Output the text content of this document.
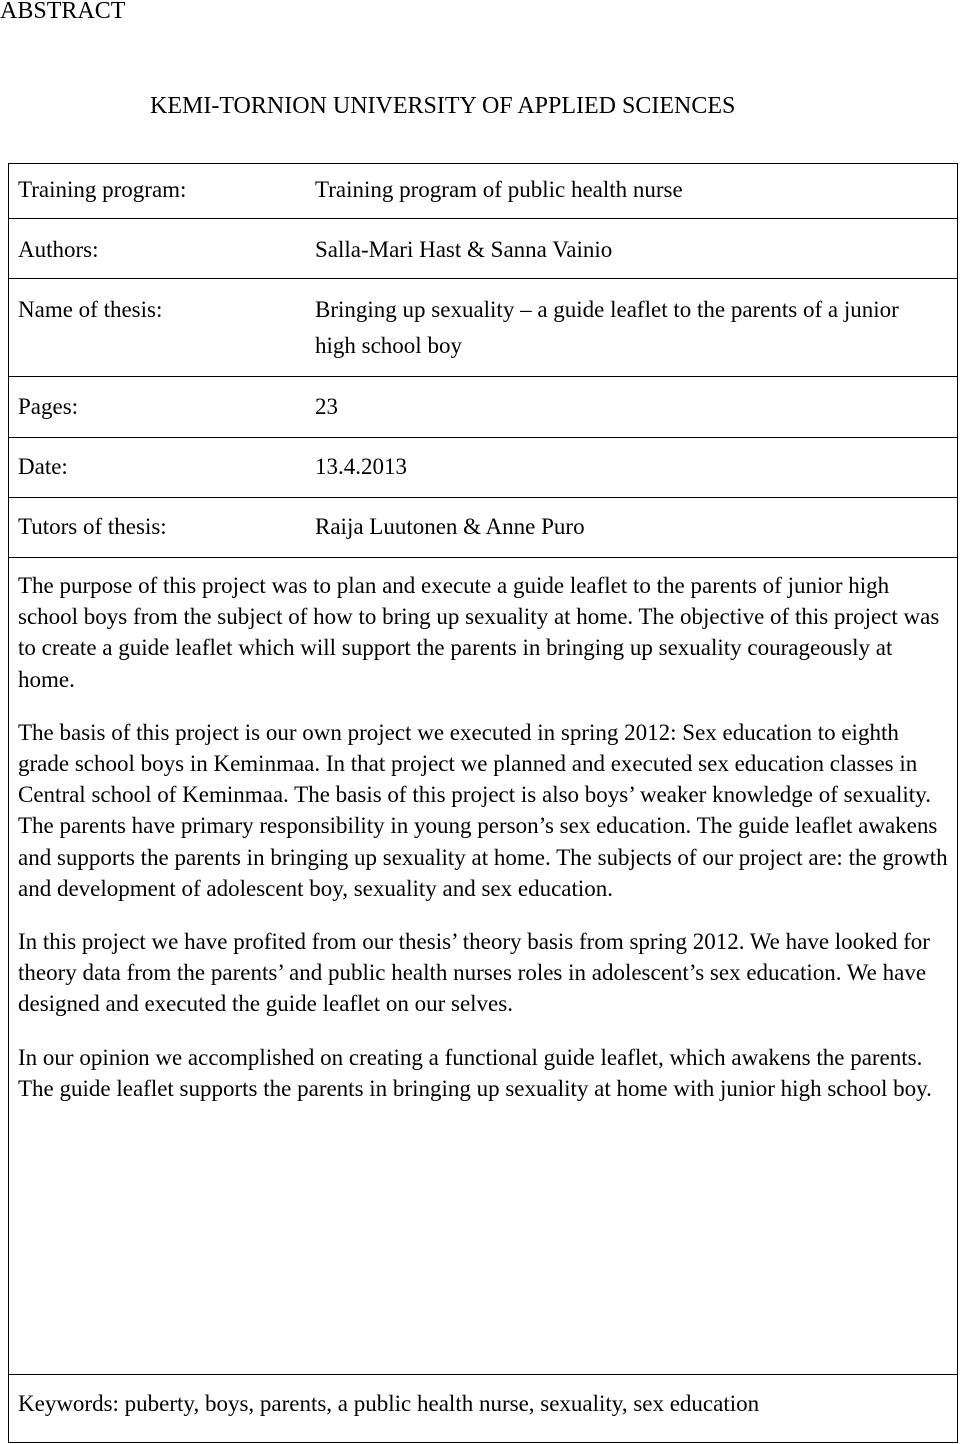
ABSTRACT
KEMI-TORNION UNIVERSITY OF APPLIED SCIENCES
Training program:	Training program of public health nurse
Authors:	Salla-Mari Hast & Sanna Vainio
Name of thesis:	Bringing up sexuality – a guide leaflet to the parents of a junior high school boy
Pages:	23
Date:	13.4.2013
Tutors of thesis:	Raija Luutonen & Anne Puro

The purpose of this project was to plan and execute a guide leaflet to the parents of junior high school boys from the subject of how to bring up sexuality at home. The objective of this project was to create a guide leaflet which will support the parents in bringing up sexuality courageously at home.

The basis of this project is our own project we executed in spring 2012: Sex education to eighth grade school boys in Keminmaa. In that project we planned and executed sex education classes in Central school of Keminmaa. The basis of this project is also boys’ weaker knowledge of sexuality. The parents have primary responsibility in young person’s sex education. The guide leaflet awakens and supports the parents in bringing up sexuality at home. The subjects of our project are: the growth and development of adolescent boy, sexuality and sex education.

In this project we have profited from our thesis’ theory basis from spring 2012. We have looked for theory data from the parents’ and public health nurses roles in adolescent’s sex education. We have designed and executed the guide leaflet on our selves.

In our opinion we accomplished on creating a functional guide leaflet, which awakens the parents. The guide leaflet supports the parents in bringing up sexuality at home with junior high school boy.

Keywords: puberty, boys, parents, a public health nurse, sexuality, sex education
